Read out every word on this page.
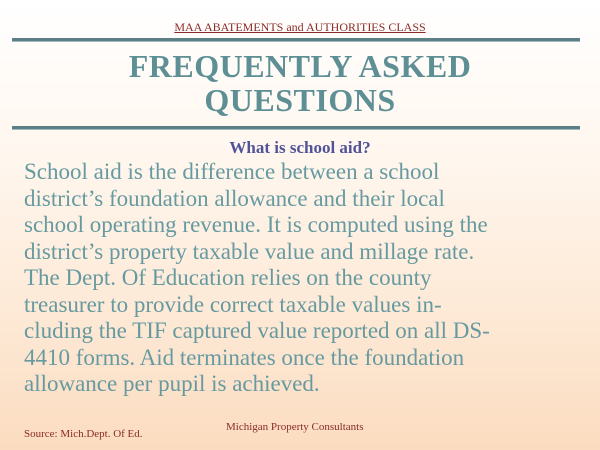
MAA ABATEMENTS and AUTHORITIES CLASS
FREQUENTLY ASKED
QUESTIONS
What is school aid?
School aid is the difference between a school
district’s foundation allowance and their local
school operating revenue. It is computed using the
district’s property taxable value and millage rate.
The Dept. Of Education relies on the county
treasurer to provide correct taxable values in-
cluding the TIF captured value reported on all DS-
4410 forms. Aid terminates once the foundation
allowance per pupil is achieved.
Source: Mich.Dept. Of Ed.
Michigan Property Consultants
